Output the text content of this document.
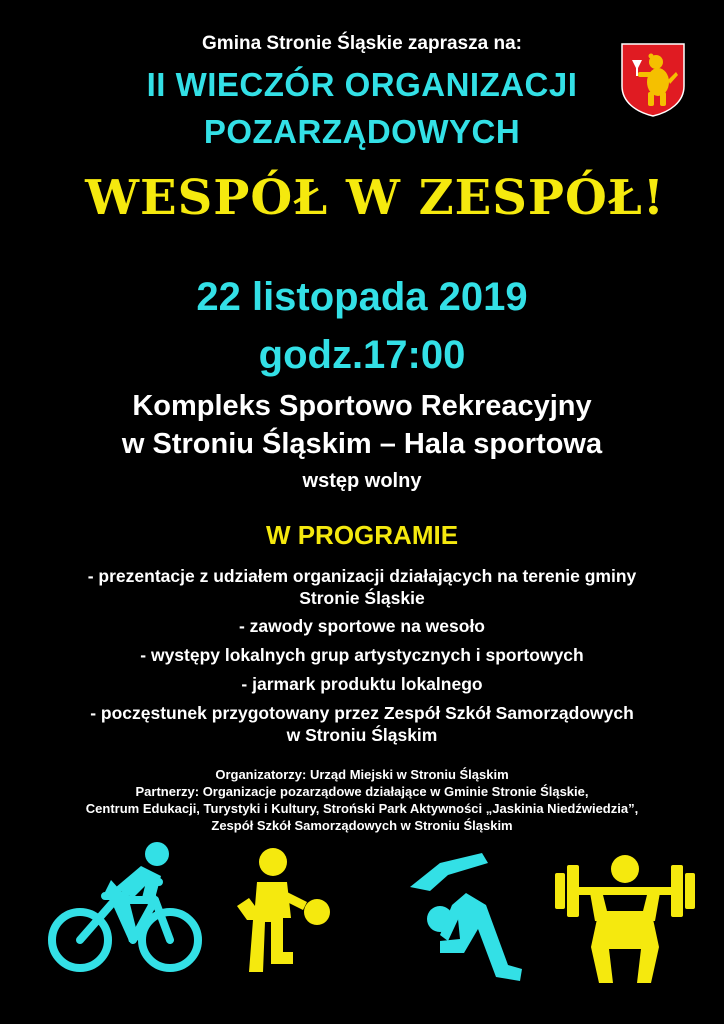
Gmina Stronie Śląskie zaprasza na:
II WIECZÓR ORGANIZACJI
POZARZĄDOWYCH
WESPÓŁ W ZESPÓŁ!
22 listopada 2019
godz.17:00
Kompleks Sportowo Rekreacyjny
w Stroniu Śląskim – Hala sportowa
wstęp wolny
W PROGRAMIE
- prezentacje z udziałem organizacji działających na terenie gminy
Stronie Śląskie
- zawody sportowe na wesoło
- występy lokalnych grup artystycznych i sportowych
- jarmark produktu lokalnego
- poczęstunek przygotowany przez Zespół Szkół Samorządowych
w Stroniu Śląskim
Organizatorzy: Urząd Miejski w Stroniu Śląskim
Partnerzy: Organizacje pozarządowe działające w Gminie Stronie Śląskie,
Centrum Edukacji, Turystyki i Kultury, Stroński Park Aktywności „Jaskinia Niedźwiedzia”,
Zespół Szkół Samorządowych w Stroniu Śląskim
